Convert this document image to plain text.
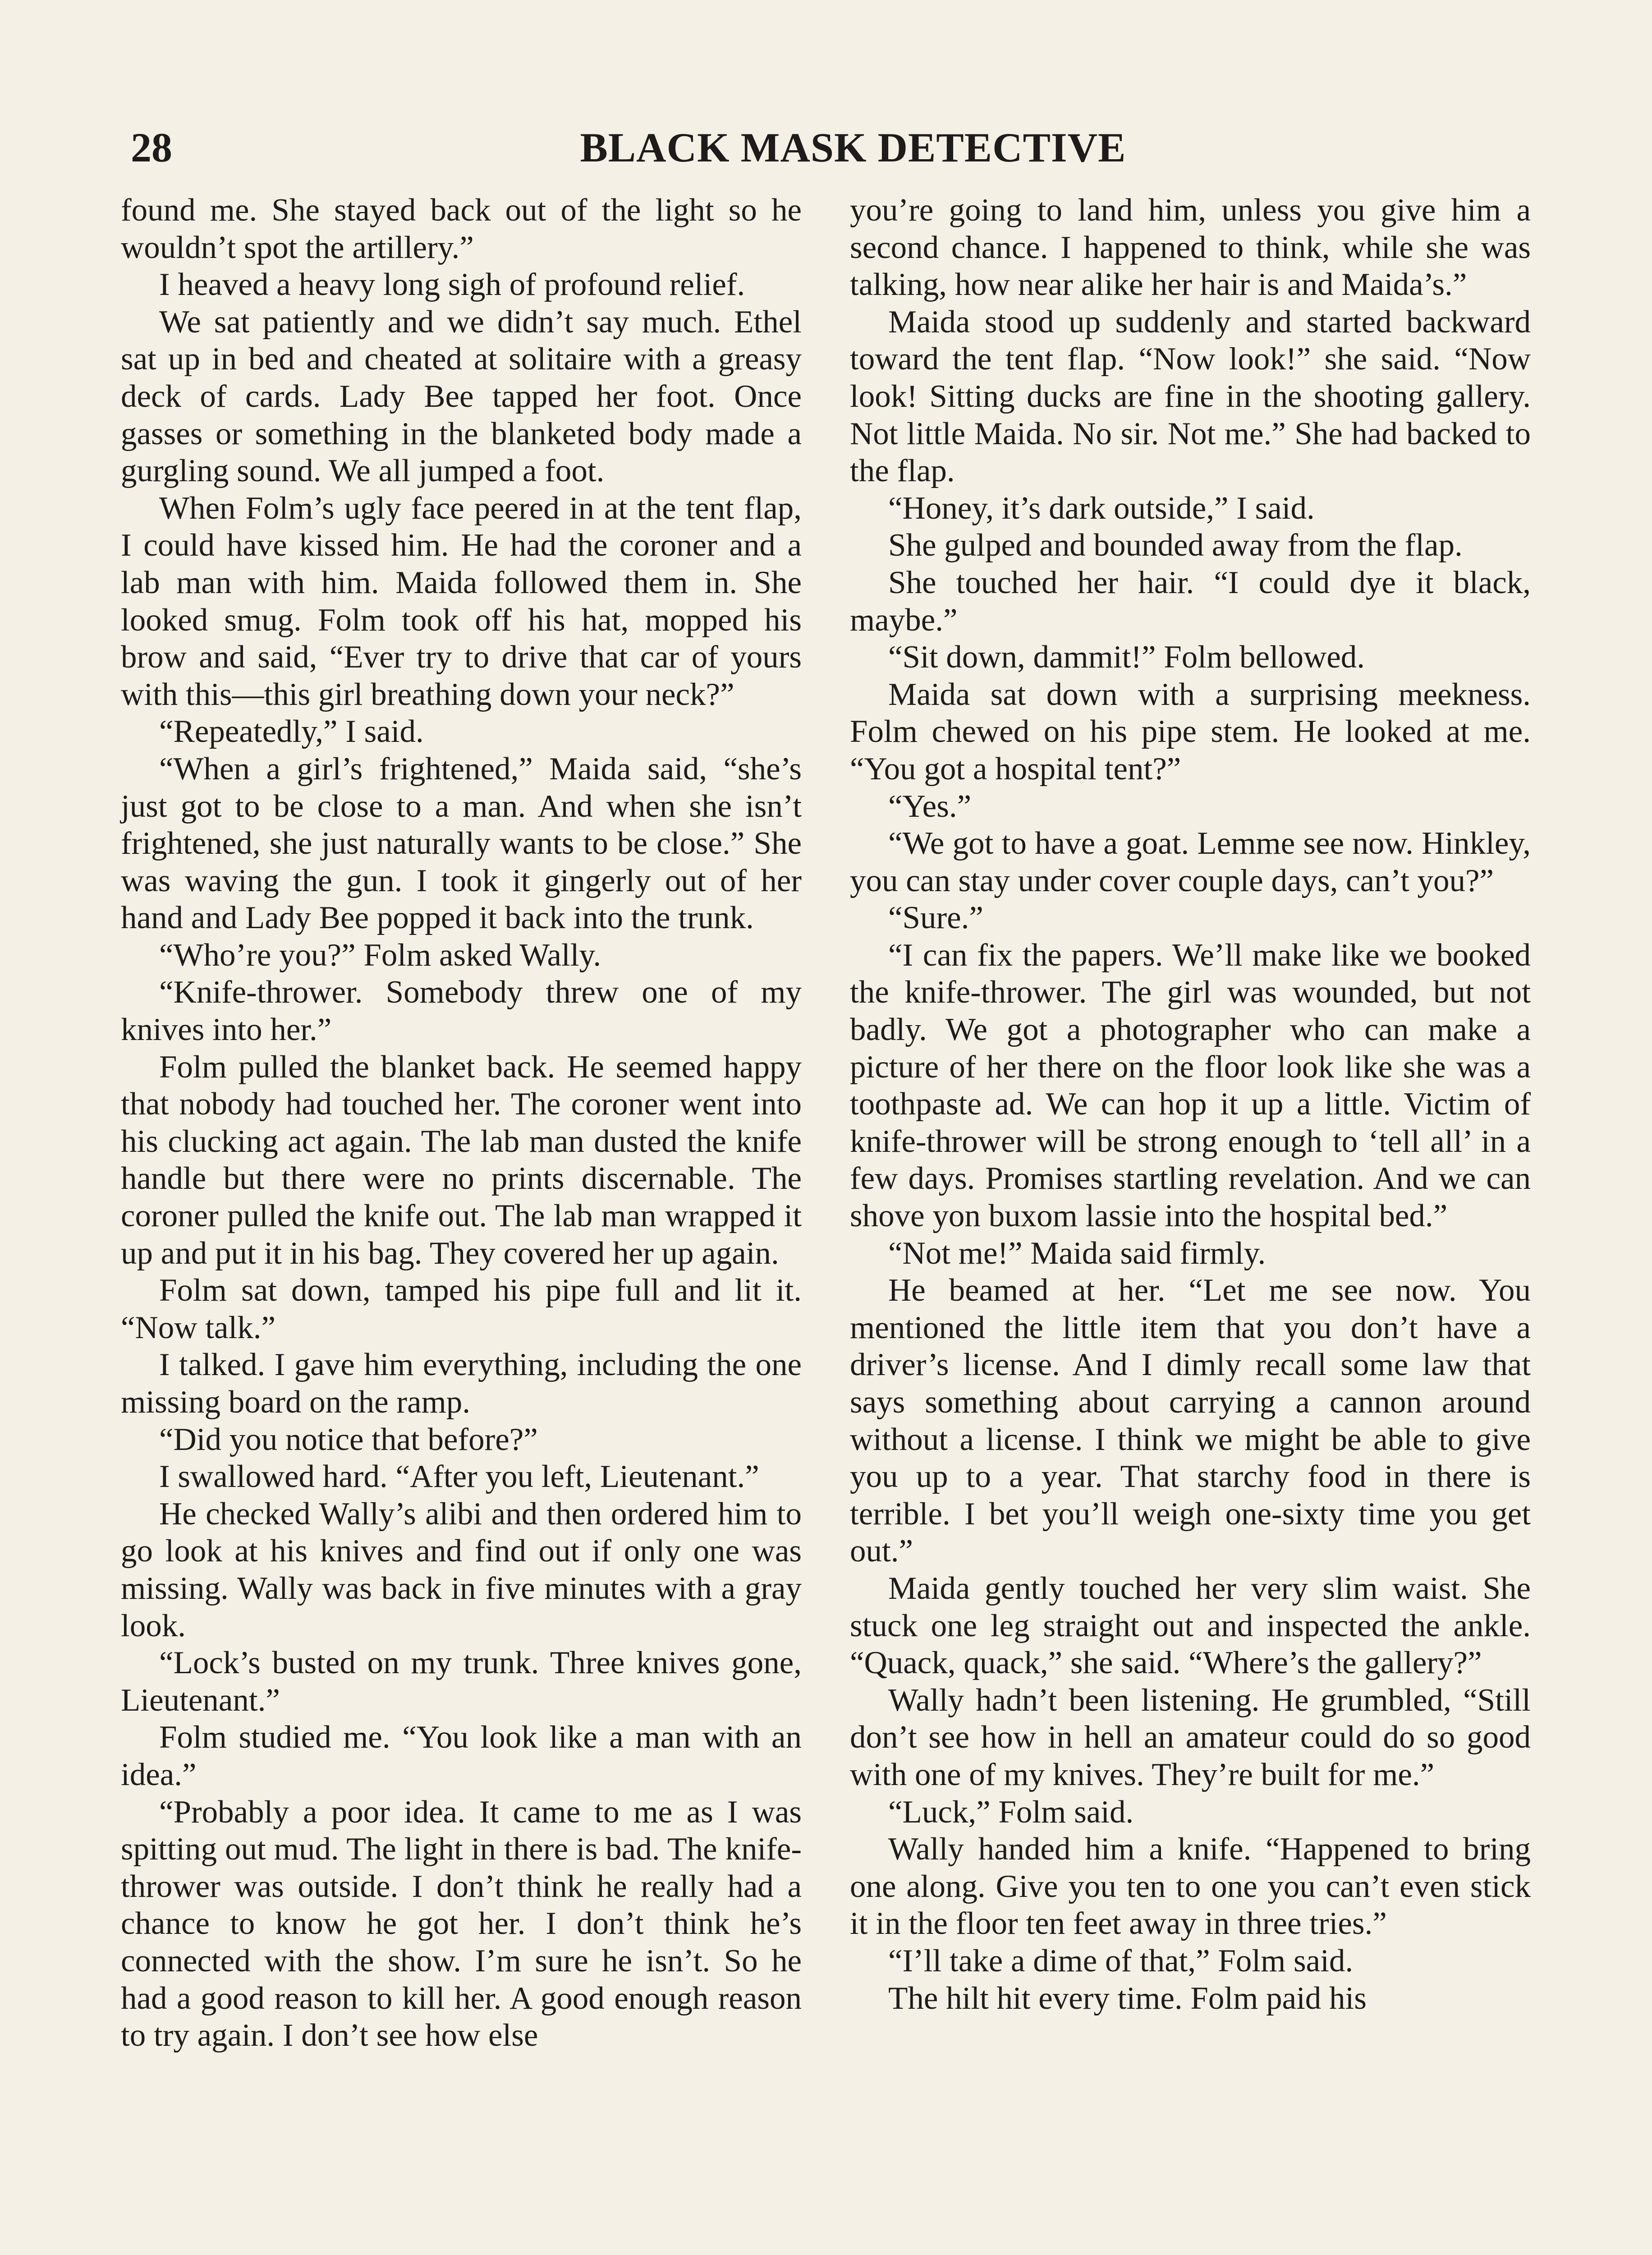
28	BLACK MASK DETECTIVE

found me. She stayed back out of the light so he wouldn’t spot the artillery.”

I heaved a heavy long sigh of profound relief.

We sat patiently and we didn’t say much. Ethel sat up in bed and cheated at solitaire with a greasy deck of cards. Lady Bee tapped her foot. Once gasses or something in the blanketed body made a gurgling sound. We all jumped a foot.

When Folm’s ugly face peered in at the tent flap, I could have kissed him. He had the coroner and a lab man with him. Maida followed them in. She looked smug. Folm took off his hat, mopped his brow and said, “Ever try to drive that car of yours with this—this girl breathing down your neck?”

“Repeatedly,” I said.

“When a girl’s frightened,” Maida said, “she’s just got to be close to a man. And when she isn’t frightened, she just naturally wants to be close.” She was waving the gun. I took it gingerly out of her hand and Lady Bee popped it back into the trunk.

“Who’re you?” Folm asked Wally.

“Knife-thrower. Somebody threw one of my knives into her.”

Folm pulled the blanket back. He seemed happy that nobody had touched her. The coroner went into his clucking act again. The lab man dusted the knife handle but there were no prints discernable. The coroner pulled the knife out. The lab man wrapped it up and put it in his bag. They covered her up again.

Folm sat down, tamped his pipe full and lit it. “Now talk.”

I talked. I gave him everything, including the one missing board on the ramp.

“Did you notice that before?”

I swallowed hard. “After you left, Lieutenant.”

He checked Wally’s alibi and then ordered him to go look at his knives and find out if only one was missing. Wally was back in five minutes with a gray look.

“Lock’s busted on my trunk. Three knives gone, Lieutenant.”

Folm studied me. “You look like a man with an idea.”

“Probably a poor idea. It came to me as I was spitting out mud. The light in there is bad. The knife-thrower was outside. I don’t think he really had a chance to know he got her. I don’t think he’s connected with the show. I’m sure he isn’t. So he had a good reason to kill her. A good enough reason to try again. I don’t see how else

you’re going to land him, unless you give him a second chance. I happened to think, while she was talking, how near alike her hair is and Maida’s.”

Maida stood up suddenly and started backward toward the tent flap. “Now look!” she said. “Now look! Sitting ducks are fine in the shooting gallery. Not little Maida. No sir. Not me.” She had backed to the flap.

“Honey, it’s dark outside,” I said.

She gulped and bounded away from the flap.

She touched her hair. “I could dye it black, maybe.”

“Sit down, dammit!” Folm bellowed.

Maida sat down with a surprising meekness. Folm chewed on his pipe stem. He looked at me. “You got a hospital tent?”

“Yes.”

“We got to have a goat. Lemme see now. Hinkley, you can stay under cover couple days, can’t you?”

“Sure.”

“I can fix the papers. We’ll make like we booked the knife-thrower. The girl was wounded, but not badly. We got a photographer who can make a picture of her there on the floor look like she was a toothpaste ad. We can hop it up a little. Victim of knife-thrower will be strong enough to ‘tell all’ in a few days. Promises startling revelation. And we can shove yon buxom lassie into the hospital bed.”

“Not me!” Maida said firmly.

He beamed at her. “Let me see now. You mentioned the little item that you don’t have a driver’s license. And I dimly recall some law that says something about carrying a cannon around without a license. I think we might be able to give you up to a year. That starchy food in there is terrible. I bet you’ll weigh one-sixty time you get out.”

Maida gently touched her very slim waist. She stuck one leg straight out and inspected the ankle. “Quack, quack,” she said. “Where’s the gallery?”

Wally hadn’t been listening. He grumbled, “Still don’t see how in hell an amateur could do so good with one of my knives. They’re built for me.”

“Luck,” Folm said.

Wally handed him a knife. “Happened to bring one along. Give you ten to one you can’t even stick it in the floor ten feet away in three tries.”

“I’ll take a dime of that,” Folm said.

The hilt hit every time. Folm paid his
